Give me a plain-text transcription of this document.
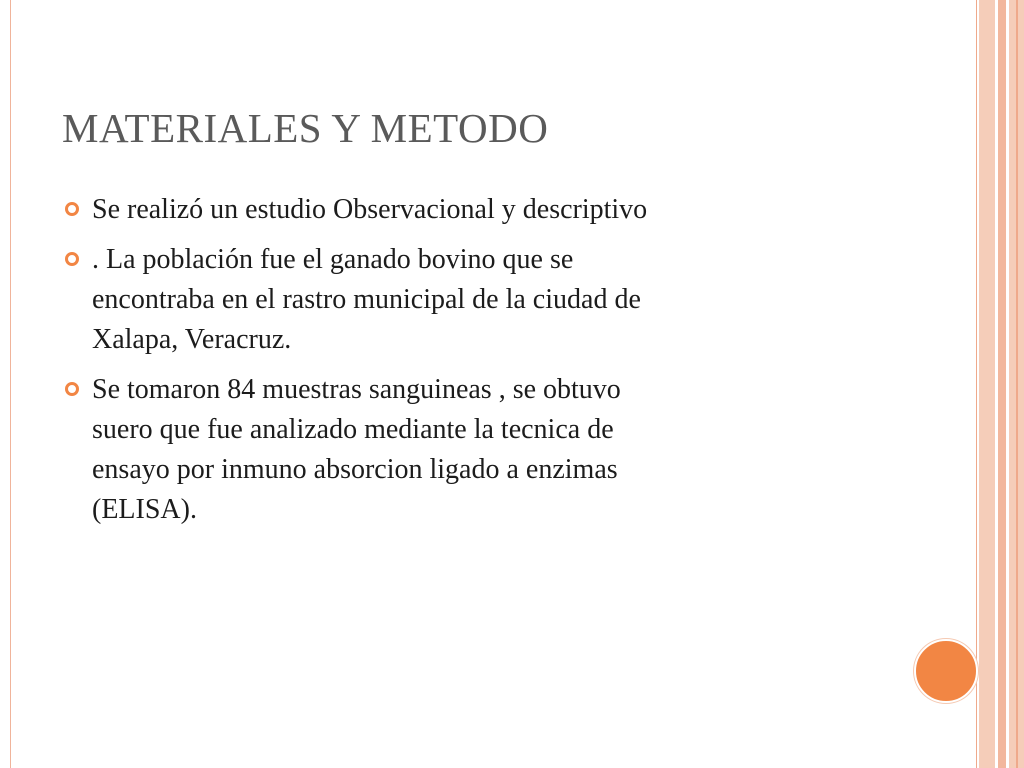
MATERIALES Y METODO
Se realizó un estudio Observacional y descriptivo
. La población fue el ganado bovino que se
encontraba en el rastro municipal de la ciudad de
Xalapa, Veracruz.
Se tomaron 84 muestras sanguineas , se obtuvo
suero que fue analizado mediante la tecnica de
ensayo por inmuno absorcion ligado a enzimas
(ELISA).
